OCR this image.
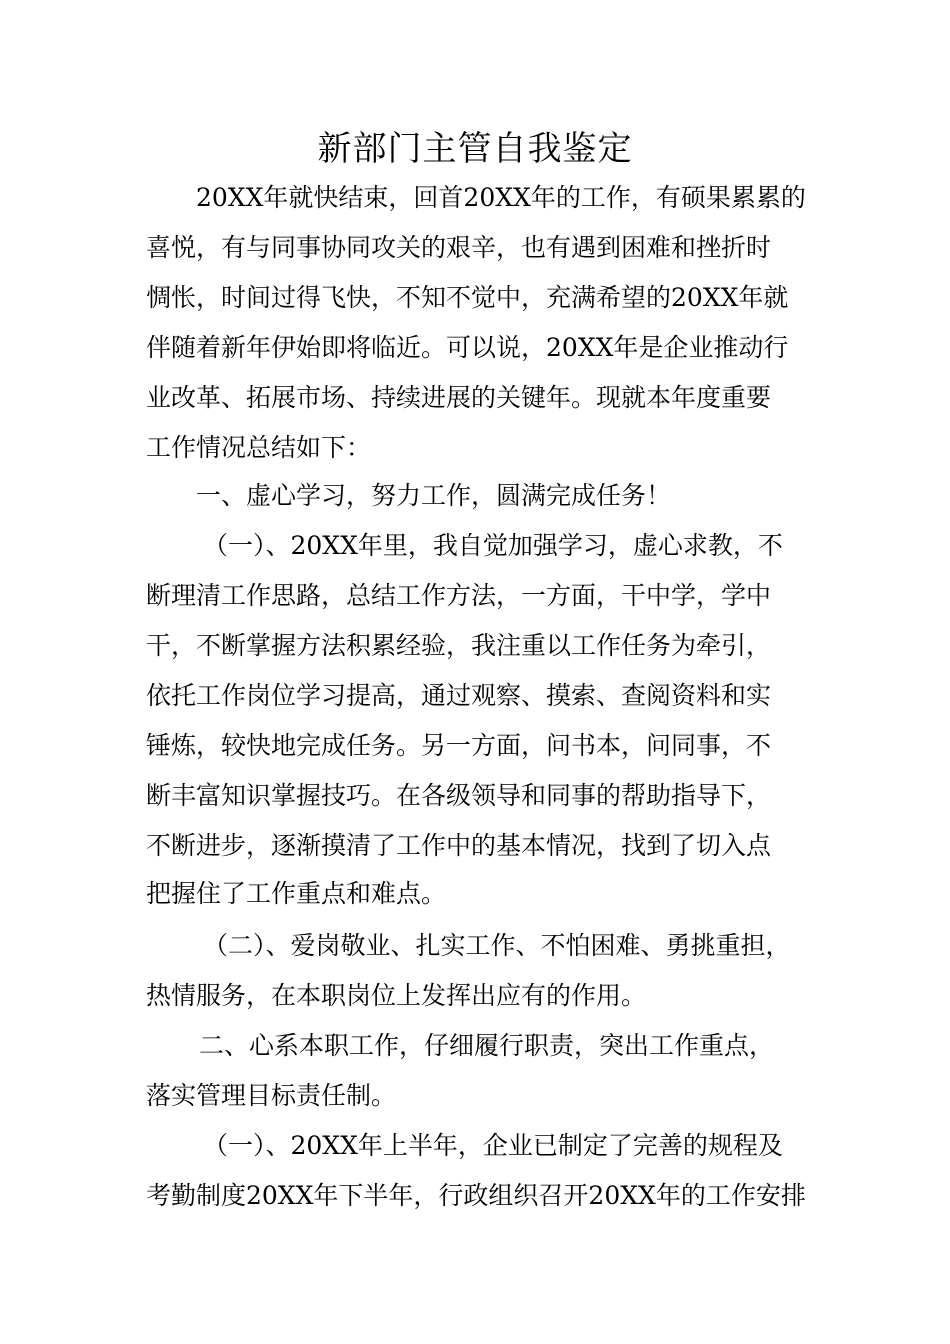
新部门主管自我鉴定
20XX年就快结束，回首20XX年的工作，有硕果累累的
喜悦，有与同事协同攻关的艰辛，也有遇到困难和挫折时
惆怅，时间过得飞快，不知不觉中，充满希望的20XX年就
伴随着新年伊始即将临近。可以说，20XX年是企业推动行
业改革、拓展市场、持续进展的关键年。现就本年度重要
工作情况总结如下：
一、虚心学习，努力工作，圆满完成任务！
（一）、20XX年里，我自觉加强学习，虚心求教，不
断理清工作思路，总结工作方法，一方面，干中学，学中
干，不断掌握方法积累经验，我注重以工作任务为牵引，
依托工作岗位学习提高，通过观察、摸索、查阅资料和实
锤炼，较快地完成任务。另一方面，问书本，问同事，不
断丰富知识掌握技巧。在各级领导和同事的帮助指导下，
不断进步，逐渐摸清了工作中的基本情况，找到了切入点
把握住了工作重点和难点。
（二）、爱岗敬业、扎实工作、不怕困难、勇挑重担，
热情服务，在本职岗位上发挥出应有的作用。
二、心系本职工作，仔细履行职责，突出工作重点，
落实管理目标责任制。
（一）、20XX年上半年，企业已制定了完善的规程及
考勤制度20XX年下半年，行政组织召开20XX年的工作安排
